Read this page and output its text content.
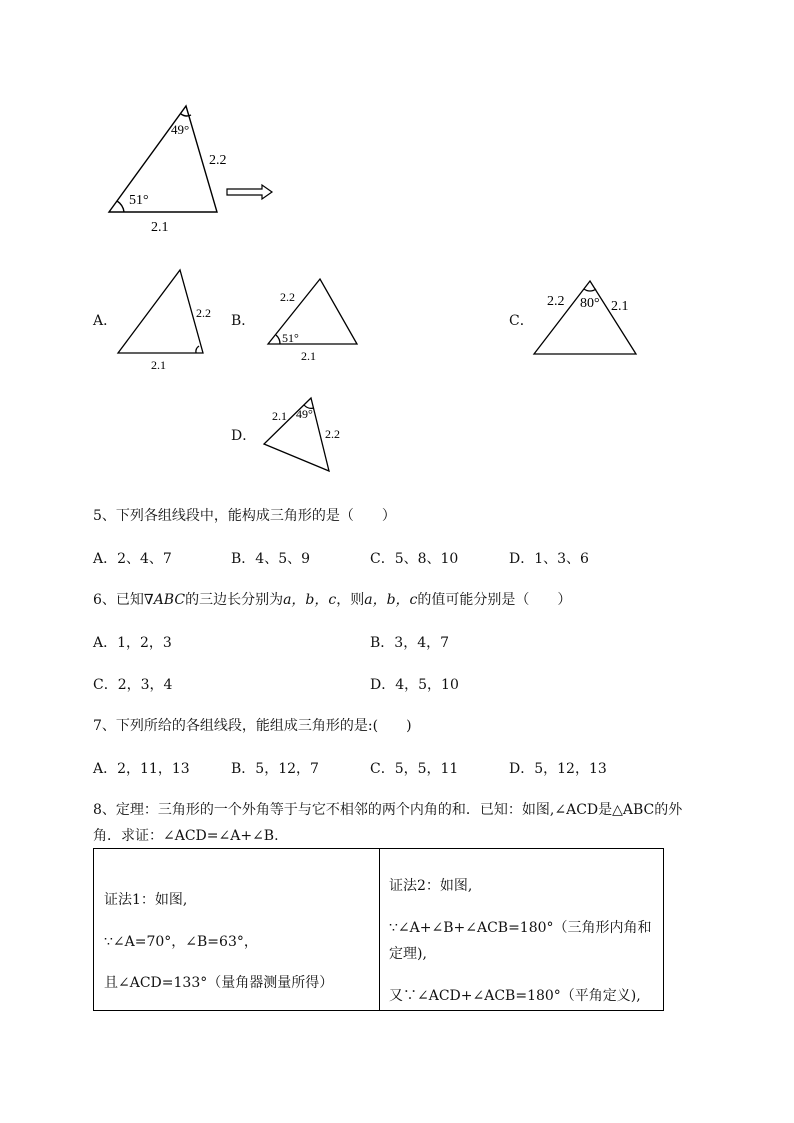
49°
51°
2.2
2.1
2.2
2.1
2.2
51°
2.1
2.2 80° 2.1
2.1 49°
2.2
A．	B．	C．
D．
5、下列各组线段中，能构成三角形的是（　　）
A．2、4、7	B．4、5、9	C．5、8、10	D．1、3、6
6、已知∇ABC的三边长分别为a，b，c，则a，b，c的值可能分别是（　　）
A．1，2，3	B．3，4，7
C．2，3，4	D．4，5，10
7、下列所给的各组线段，能组成三角形的是:(　　)
A．2，11，13	B．5，12，7	C．5，5，11	D．5，12，13
8、定理：三角形的一个外角等于与它不相邻的两个内角的和．已知：如图,∠ACD是△ABC的外
角．求证：∠ACD=∠A+∠B.
证法1：如图,
∵∠A=70°，∠B=63°，
且∠ACD=133°（量角器测量所得）

证法2：如图,
∵∠A+∠B+∠ACB=180°（三角形内角和
定理),
又∵∠ACD+∠ACB=180°（平角定义),
